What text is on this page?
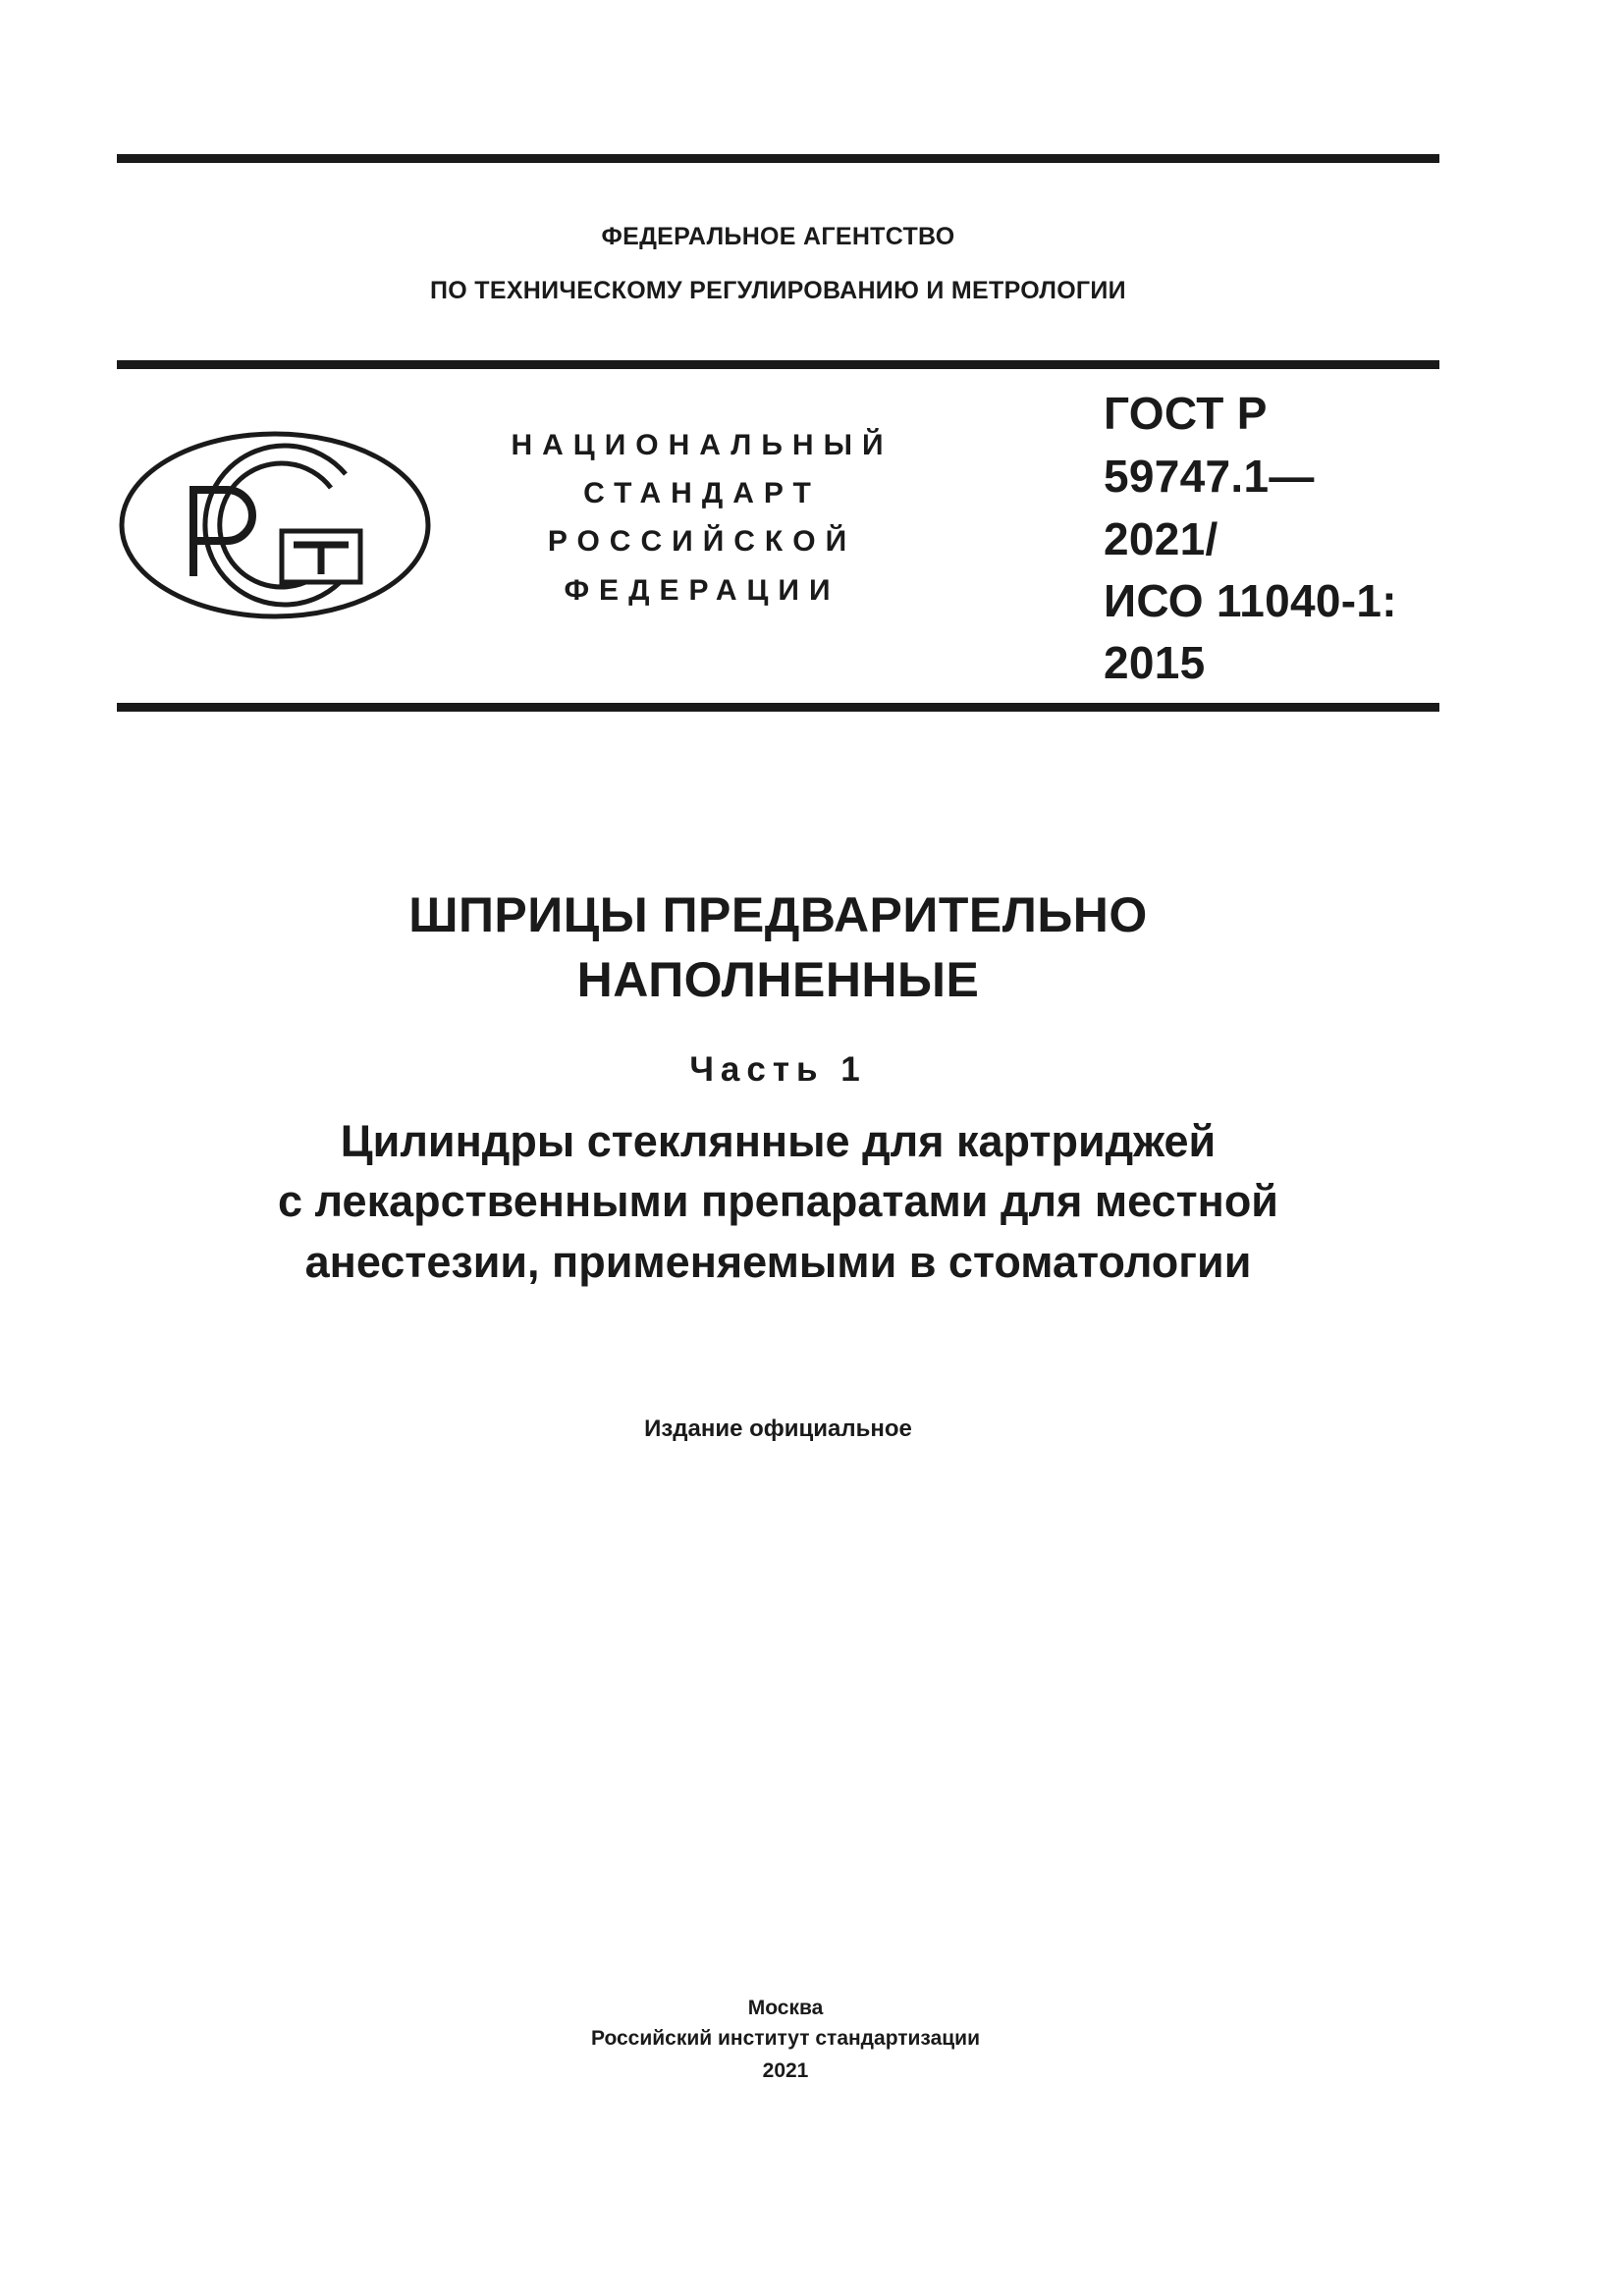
ФЕДЕРАЛЬНОЕ АГЕНТСТВО
ПО ТЕХНИЧЕСКОМУ РЕГУЛИРОВАНИЮ И МЕТРОЛОГИИ
НАЦИОНАЛЬНЫЙ
СТАНДАРТ
РОССИЙСКОЙ
ФЕДЕРАЦИИ
ГОСТ Р
59747.1—
2021/
ИСО 11040-1:
2015
ШПРИЦЫ ПРЕДВАРИТЕЛЬНО
НАПОЛНЕННЫЕ
Часть 1
Цилиндры стеклянные для картриджей
с лекарственными препаратами для местной
анестезии, применяемыми в стоматологии
Издание официальное
Москва
Российский институт стандартизации
2021
